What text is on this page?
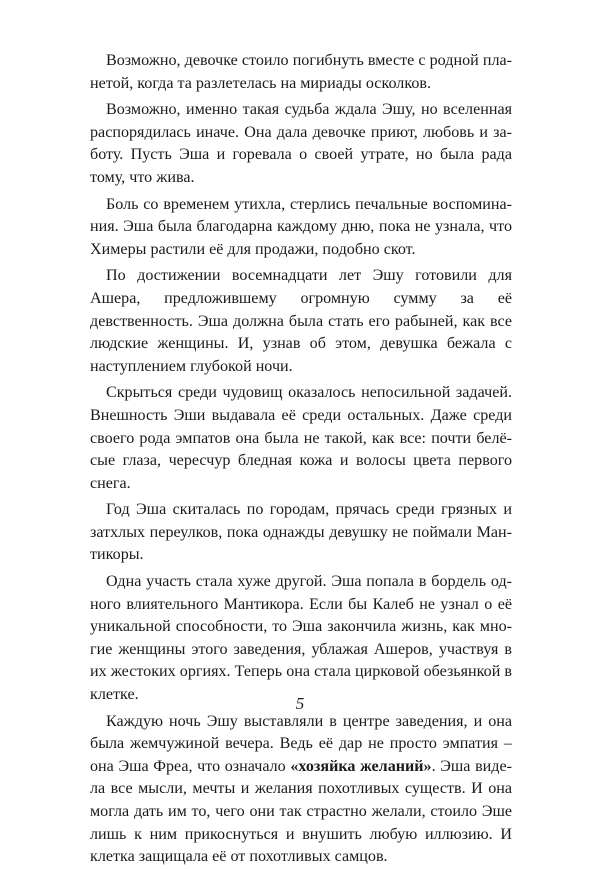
Возможно, девочке стоило погибнуть вместе с родной планетой, когда та разлетелась на мириады осколков.

Возможно, именно такая судьба ждала Эшу, но вселенная распорядилась иначе. Она дала девочке приют, любовь и заботу. Пусть Эша и горевала о своей утрате, но была рада тому, что жива.

Боль со временем утихла, стерлись печальные воспоминания. Эша была благодарна каждому дню, пока не узнала, что Химеры растили её для продажи, подобно скот.

По достижении восемнадцати лет Эшу готовили для Ашера, предложившему огромную сумму за её девственность. Эша должна была стать его рабыней, как все людские женщины. И, узнав об этом, девушка бежала с наступлением глубокой ночи.

Скрыться среди чудовищ оказалось непосильной задачей. Внешность Эши выдавала её среди остальных. Даже среди своего рода эмпатов она была не такой, как все: почти белёсые глаза, чересчур бледная кожа и волосы цвета первого снега.

Год Эша скиталась по городам, прячась среди грязных и затхлых переулков, пока однажды девушку не поймали Мантикоры.

Одна участь стала хуже другой. Эша попала в бордель одного влиятельного Мантикора. Если бы Калеб не узнал о её уникальной способности, то Эша закончила жизнь, как многие женщины этого заведения, ублажая Ашеров, участвуя в их жестоких оргиях. Теперь она стала цирковой обезьянкой в клетке.

Каждую ночь Эшу выставляли в центре заведения, и она была жемчужиной вечера. Ведь её дар не просто эмпатия – она Эша Фреа, что означало «хозяйка желаний». Эша видела все мысли, мечты и желания похотливых существ. И она могла дать им то, чего они так страстно желали, стоило Эше лишь к ним прикоснуться и внушить любую иллюзию. И клетка защищала её от похотливых самцов.

5
